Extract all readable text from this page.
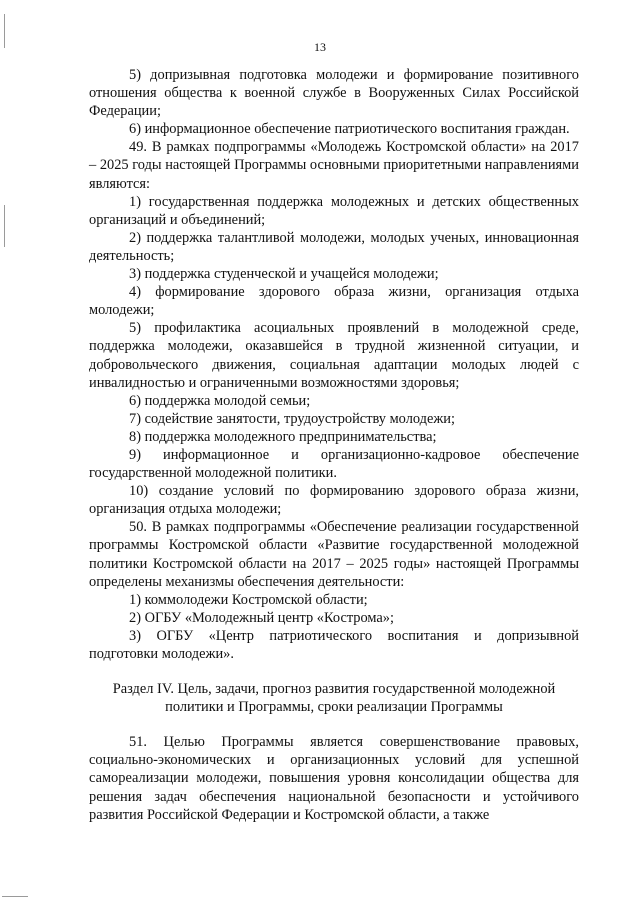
13

5) допризывная подготовка молодежи и формирование позитивного отношения общества к военной службе в Вооруженных Силах Российской Федерации;

6) информационное обеспечение патриотического воспитания граждан.

49. В рамках подпрограммы «Молодежь Костромской области» на 2017 – 2025 годы настоящей Программы основными приоритетными направлениями являются:

1) государственная поддержка молодежных и детских общественных организаций и объединений;

2) поддержка талантливой молодежи, молодых ученых, инновационная деятельность;

3) поддержка студенческой и учащейся молодежи;

4) формирование здорового образа жизни, организация отдыха молодежи;

5) профилактика асоциальных проявлений в молодежной среде, поддержка молодежи, оказавшейся в трудной жизненной ситуации, и добровольческого движения, социальная адаптации молодых людей с инвалидностью и ограниченными возможностями здоровья;

6) поддержка молодой семьи;

7) содействие занятости, трудоустройству молодежи;

8) поддержка молодежного предпринимательства;

9) информационное и организационно-кадровое обеспечение государственной молодежной политики.

10) создание условий по формированию здорового образа жизни, организация отдыха молодежи;

50. В рамках подпрограммы «Обеспечение реализации государственной программы Костромской области «Развитие государственной молодежной политики Костромской области на 2017 – 2025 годы» настоящей Программы определены механизмы обеспечения деятельности:

1) коммолодежи Костромской области;

2) ОГБУ «Молодежный центр «Кострома»;

3) ОГБУ «Центр патриотического воспитания и допризывной подготовки молодежи».

Раздел IV. Цель, задачи, прогноз развития государственной молодежной
политики и Программы, сроки реализации Программы

51. Целью Программы является совершенствование правовых, социально-экономических и организационных условий для успешной самореализации молодежи, повышения уровня консолидации общества для решения задач обеспечения национальной безопасности и устойчивого развития Российской Федерации и Костромской области, а также
